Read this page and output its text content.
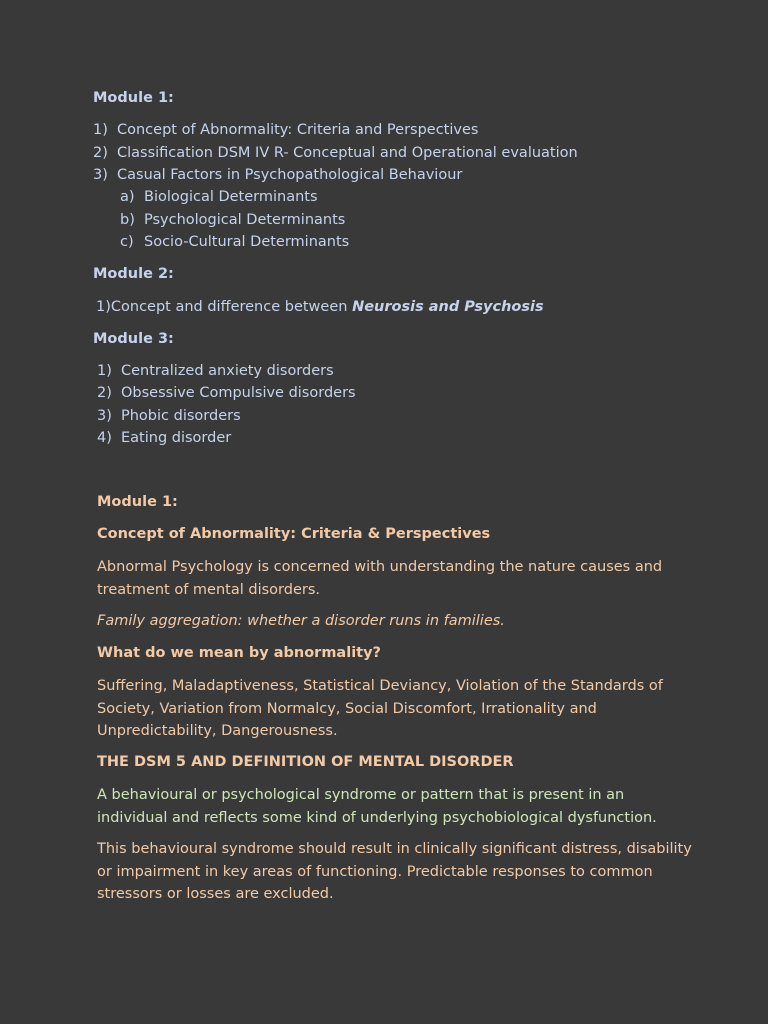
Module 1:
1) Concept of Abnormality: Criteria and Perspectives
2) Classification DSM IV R- Conceptual and Operational evaluation
3) Casual Factors in Psychopathological Behaviour
a) Biological Determinants
b) Psychological Determinants
c) Socio-Cultural Determinants
Module 2:
1)Concept and difference between Neurosis and Psychosis
Module 3:
1) Centralized anxiety disorders
2) Obsessive Compulsive disorders
3) Phobic disorders
4) Eating disorder
Module 1:
Concept of Abnormality: Criteria & Perspectives
Abnormal Psychology is concerned with understanding the nature causes and treatment of mental disorders.
Family aggregation: whether a disorder runs in families.
What do we mean by abnormality?
Suffering, Maladaptiveness, Statistical Deviancy, Violation of the Standards of Society, Variation from Normalcy, Social Discomfort, Irrationality and Unpredictability, Dangerousness.
THE DSM 5 AND DEFINITION OF MENTAL DISORDER
A behavioural or psychological syndrome or pattern that is present in an individual and reflects some kind of underlying psychobiological dysfunction.
This behavioural syndrome should result in clinically significant distress, disability or impairment in key areas of functioning. Predictable responses to common stressors or losses are excluded.
